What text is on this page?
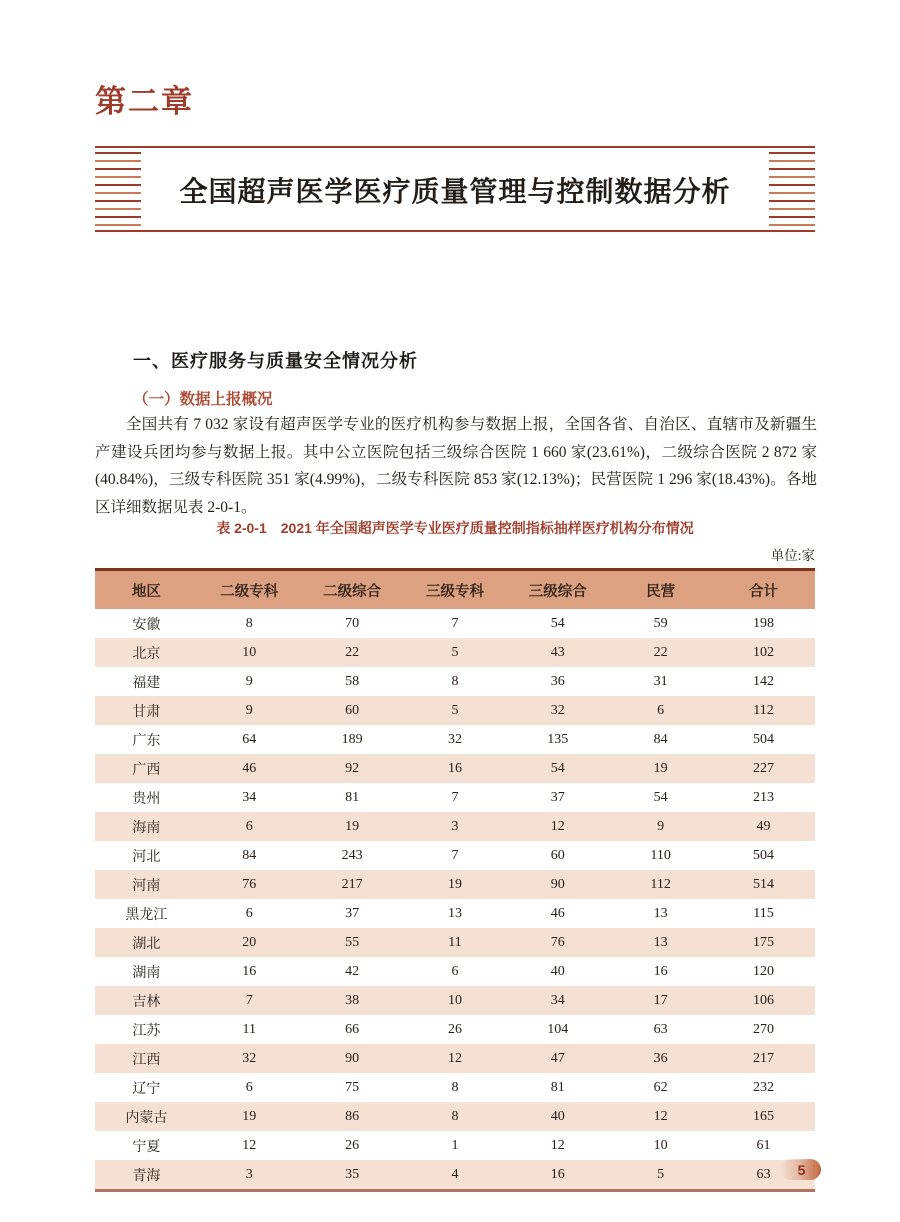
第二章
全国超声医学医疗质量管理与控制数据分析
一、医疗服务与质量安全情况分析
（一）数据上报概况

全国共有 7 032 家设有超声医学专业的医疗机构参与数据上报，全国各省、自治区、直辖市及新疆生产建设兵团均参与数据上报。其中公立医院包括三级综合医院 1 660 家(23.61%)，二级综合医院 2 872 家(40.84%)，三级专科医院 351 家(4.99%)，二级专科医院 853 家(12.13%)；民营医院 1 296 家(18.43%)。各地区详细数据见表 2-0-1。

表 2-0-1　2021 年全国超声医学专业医疗质量控制指标抽样医疗机构分布情况
单位:家
地区	二级专科	二级综合	三级专科	三级综合	民营	合计
安徽	8	70	7	54	59	198
北京	10	22	5	43	22	102
福建	9	58	8	36	31	142
甘肃	9	60	5	32	6	112
广东	64	189	32	135	84	504
广西	46	92	16	54	19	227
贵州	34	81	7	37	54	213
海南	6	19	3	12	9	49
河北	84	243	7	60	110	504
河南	76	217	19	90	112	514
黑龙江	6	37	13	46	13	115
湖北	20	55	11	76	13	175
湖南	16	42	6	40	16	120
吉林	7	38	10	34	17	106
江苏	11	66	26	104	63	270
江西	32	90	12	47	36	217
辽宁	6	75	8	81	62	232
内蒙古	19	86	8	40	12	165
宁夏	12	26	1	12	10	61
青海	3	35	4	16	5	63 5
